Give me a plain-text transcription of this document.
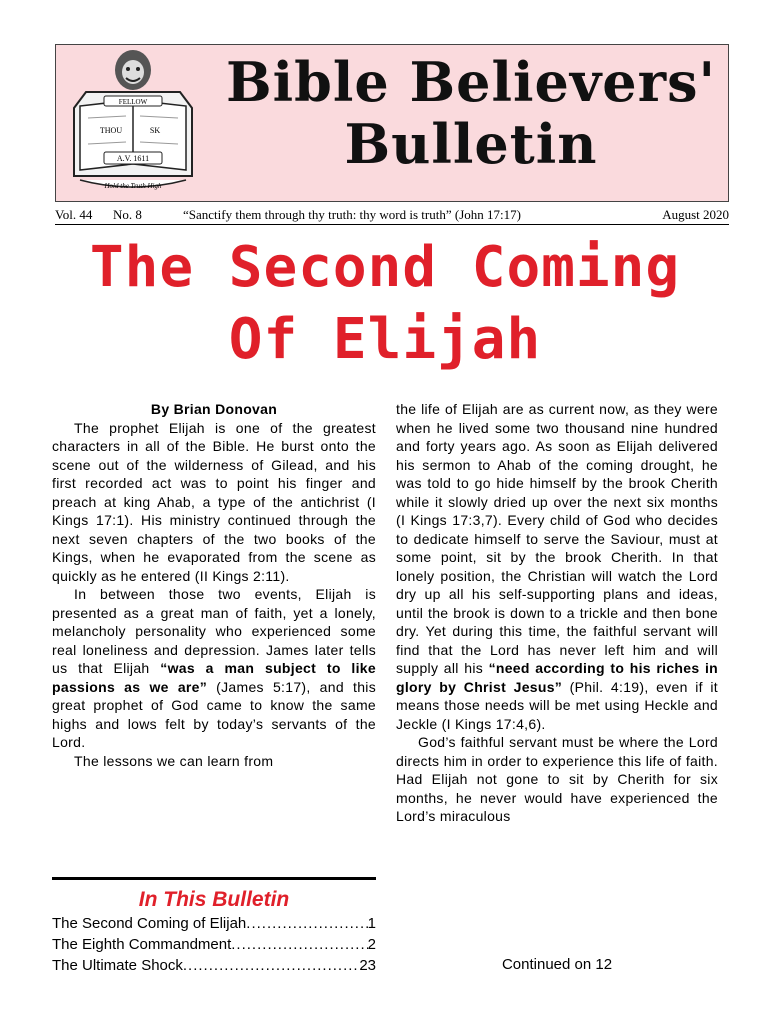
FELLOW
THOU	SK
A.V. 1611
Hold the Truth High
Bible Believers'
Bulletin
Vol. 44 No. 8	“Sanctify them through thy truth: thy word is truth” (John 17:17)	August 2020
The Second Coming
Of Elijah

By Brian Donovan

The prophet Elijah is one of the greatest characters in all of the Bible. He burst onto the scene out of the wilderness of Gilead, and his first recorded act was to point his finger and preach at king Ahab, a type of the antichrist (I Kings 17:1). His ministry continued through the next seven chapters of the two books of the Kings, when he evaporated from the scene as quickly as he entered (II Kings 2:11).

In between those two events, Elijah is presented as a great man of faith, yet a lonely, melancholy personality who experienced some real loneliness and depression. James later tells us that Elijah “was a man subject to like passions as we are” (James 5:17), and this great prophet of God came to know the same highs and lows felt by today’s servants of the Lord.

The lessons we can learn from

In This Bulletin
The Second Coming of Elijah .....	1
The Eighth Commandment .....	2
The Ultimate Shock .....	23

the life of Elijah are as current now, as they were when he lived some two thousand nine hundred and forty years ago. As soon as Elijah delivered his sermon to Ahab of the coming drought, he was told to go hide himself by the brook Cherith while it slowly dried up over the next six months (I Kings 17:3,7). Every child of God who decides to dedicate himself to serve the Saviour, must at some point, sit by the brook Cherith. In that lonely position, the Christian will watch the Lord dry up all his self-supporting plans and ideas, until the brook is down to a trickle and then bone dry. Yet during this time, the faithful servant will find that the Lord has never left him and will supply all his “need according to his riches in glory by Christ Jesus” (Phil. 4:19), even if it means those needs will be met using Heckle and Jeckle (I Kings 17:4,6).

God’s faithful servant must be where the Lord directs him in order to experience this life of faith. Had Elijah not gone to sit by Cherith for six months, he never would have experienced the Lord’s miraculous

Continued on 12
